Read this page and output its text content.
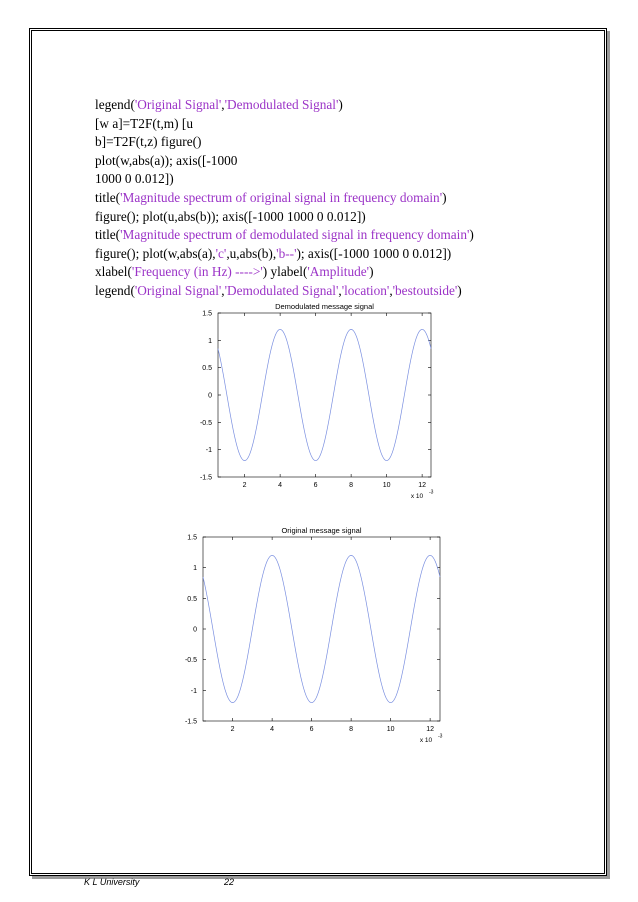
legend('Original Signal','Demodulated Signal')
[w a]=T2F(t,m) [u
b]=T2F(t,z) figure()
plot(w,abs(a)); axis([-1000
1000 0 0.012])
title('Magnitude spectrum of original signal in frequency domain')
figure(); plot(u,abs(b)); axis([-1000 1000 0 0.012])
title('Magnitude spectrum of demodulated signal in frequency domain')
figure(); plot(w,abs(a),'c',u,abs(b),'b--'); axis([-1000 1000 0 0.012])
xlabel('Frequency (in Hz) ---->') ylabel('Amplitude')
legend('Original Signal','Demodulated Signal','location','bestoutside')
Demodulated message signal
2	4	6	8	10	12
1.5
1
0.5
0
-0.5
-1
-1.5
x 10
-3
Original message signal
2	4	6	8	10	12
1.5
1
0.5
0
-0.5
-1
-1.5
x 10
-3
K L University	22
